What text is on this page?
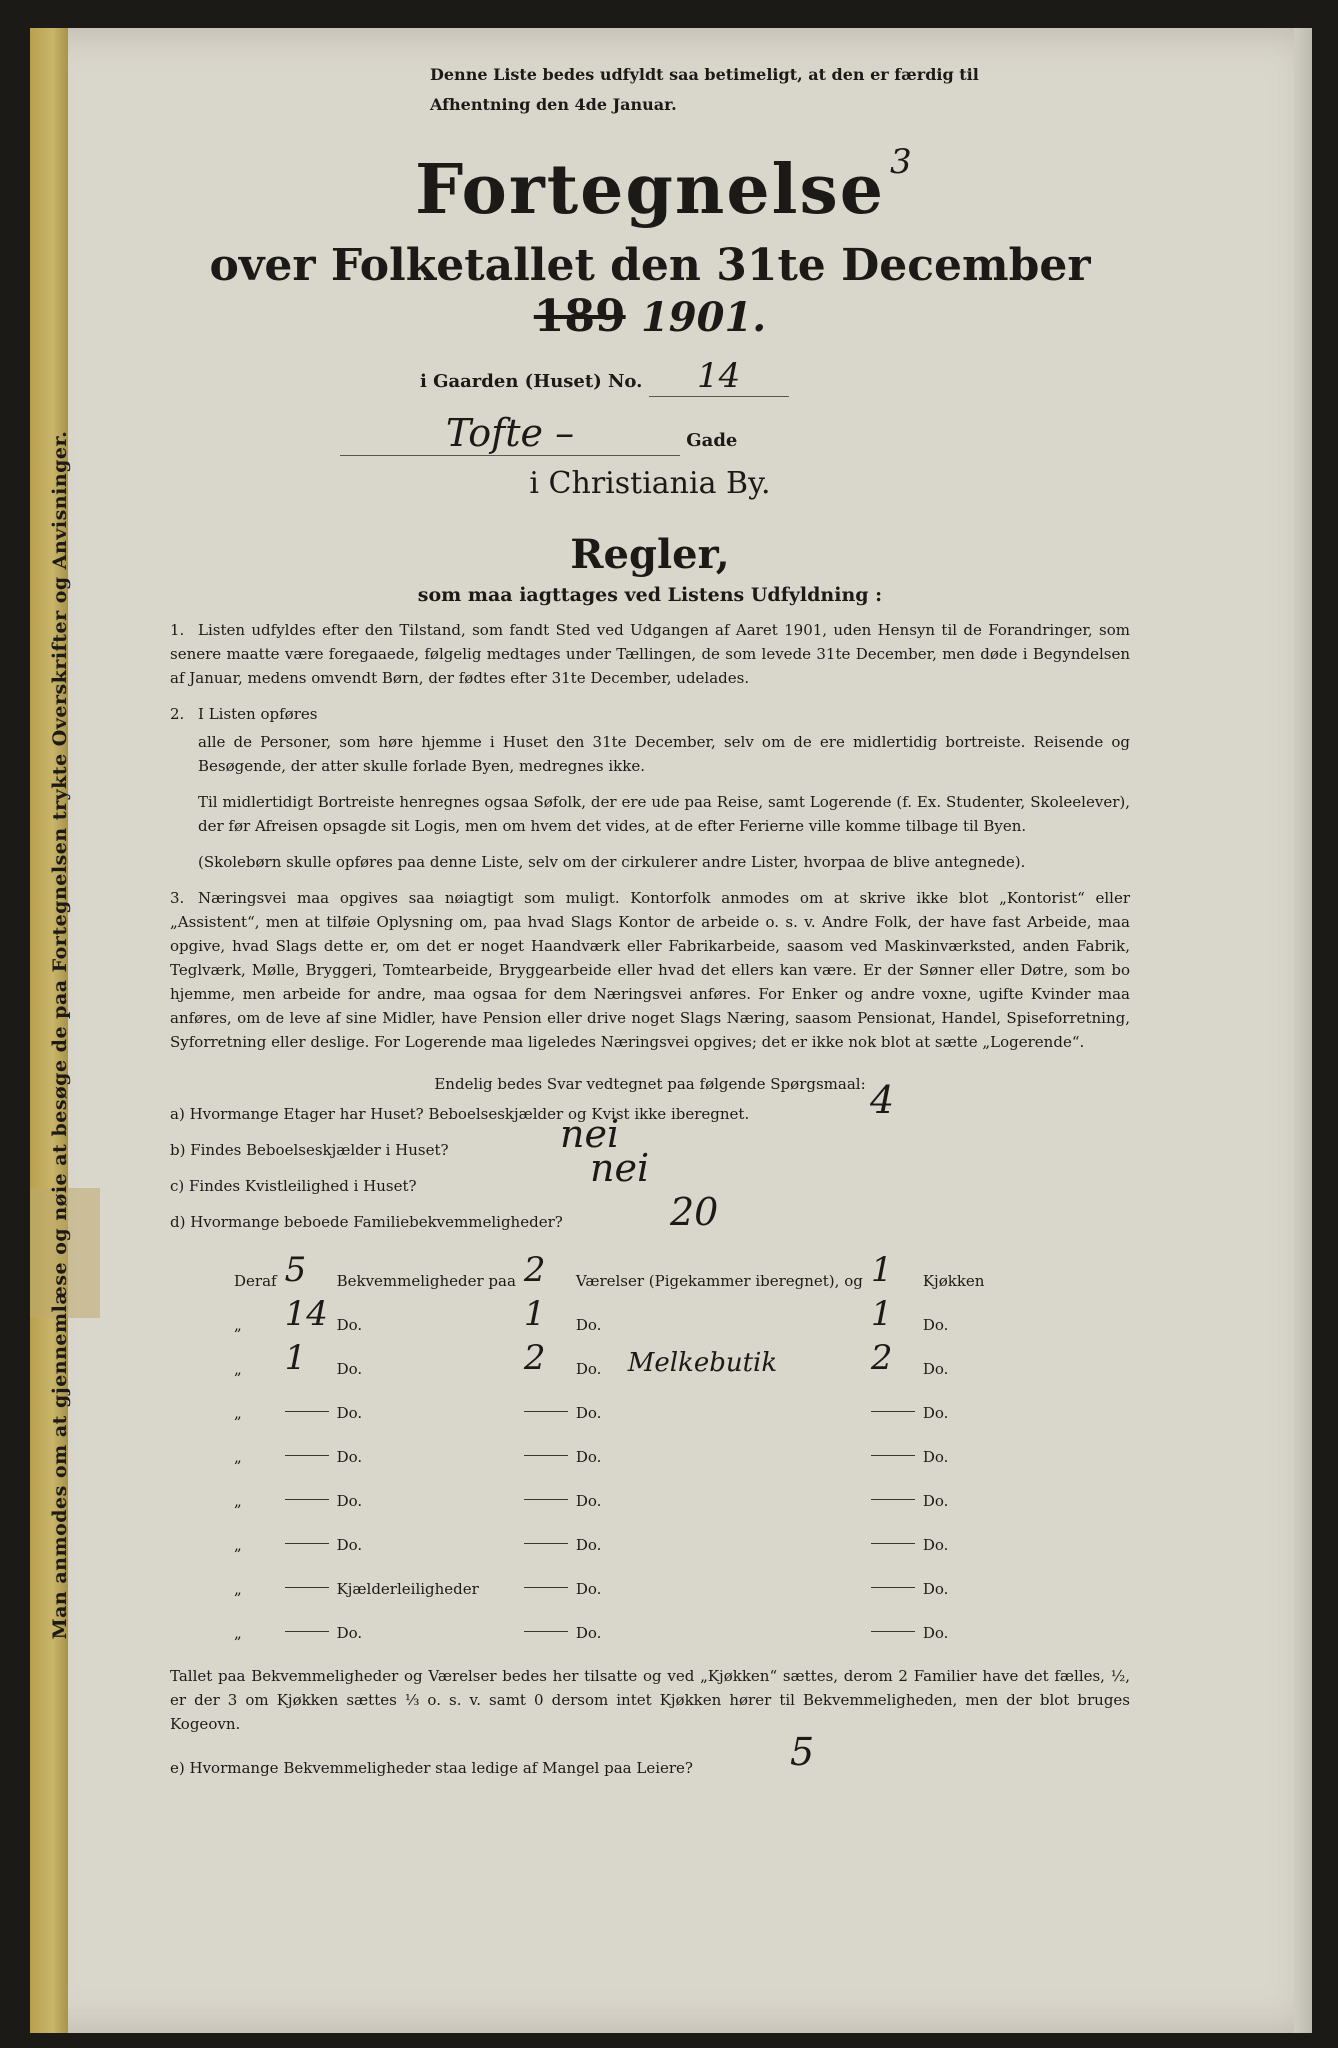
Man anmodes om at gjennemlæse og nøie at besøge de paa Fortegnelsen trykte Overskrifter og Anvisninger.
Denne Liste bedes udfyldt saa betimeligt, at den er færdig til
Afhentning den 4de Januar.
3
Fortegnelse
over Folketallet den 31te December 189 1901.
i Gaarden (Huset) No. 14
Tofte –	Gade
i Christiania By.
Regler,
som maa iagttages ved Listens Udfyldning :
1. Listen udfyldes efter den Tilstand, som fandt Sted ved Udgangen af Aaret 1901, uden Hensyn til de Forandringer, som senere maatte være foregaaede, følgelig medtages under Tællingen, de som levede 31te December, men døde i Begyndelsen af Januar, medens omvendt Børn, der fødtes efter 31te December, udelades.
2. I Listen opføres
alle de Personer, som høre hjemme i Huset den 31te December, selv om de ere midlertidig bortreiste. Reisende og Besøgende, der atter skulle forlade Byen, medregnes ikke.
Til midlertidigt Bortreiste henregnes ogsaa Søfolk, der ere ude paa Reise, samt Logerende (f. Ex. Studenter, Skoleelever), der før Afreisen opsagde sit Logis, men om hvem det vides, at de efter Ferierne ville komme tilbage til Byen.
(Skolebørn skulle opføres paa denne Liste, selv om der cirkulerer andre Lister, hvorpaa de blive antegnede).
3. Næringsvei maa opgives saa nøiagtigt som muligt. Kontorfolk anmodes om at skrive ikke blot „Kontorist“ eller „Assistent“, men at tilføie Oplysning om, paa hvad Slags Kontor de arbeide o. s. v. Andre Folk, der have fast Arbeide, maa opgive, hvad Slags dette er, om det er noget Haandværk eller Fabrikarbeide, saasom ved Maskinværksted, anden Fabrik, Teglværk, Mølle, Bryggeri, Tomtearbeide, Bryggearbeide eller hvad det ellers kan være. Er der Sønner eller Døtre, som bo hjemme, men arbeide for andre, maa ogsaa for dem Næringsvei anføres. For Enker og andre voxne, ugifte Kvinder maa anføres, om de leve af sine Midler, have Pension eller drive noget Slags Næring, saasom Pensionat, Handel, Spiseforretning, Syforretning eller deslige. For Logerende maa ligeledes Næringsvei opgives; det er ikke nok blot at sætte „Logerende“.
Endelig bedes Svar vedtegnet paa følgende Spørgsmaal:
a) Hvormange Etager har Huset? Beboelseskjælder og Kvist ikke iberegnet.	4
b) Findes Beboelseskjælder i Huset?	nei
c) Findes Kvistleilighed i Huset?	nei
d) Hvormange beboede Familiebekvemmeligheder?	20
Deraf	5	Bekvemmeligheder paa	2	Værelser (Pigekammer iberegnet), og		1	Kjøkken
„	14	Do.	1	Do.		1	Do.
„	1	Do.	2	Do.	Melkebutik	2	Do.
„		Do.		Do.			Do.
„		Do.		Do.			Do.
„		Do.		Do.			Do.
„		Do.		Do.			Do.
„		Kjælderleiligheder		Do.			Do.
„		Do.		Do.			Do.
Tallet paa Bekvemmeligheder og Værelser bedes her tilsatte og ved „Kjøkken“ sættes, derom 2 Familier have det fælles, ½, er der 3 om Kjøkken sættes ⅓ o. s. v. samt 0 dersom intet Kjøkken hører til Bekvemmeligheden, men der blot bruges Kogeovn.
e) Hvormange Bekvemmeligheder staa ledige af Mangel paa Leiere?	5
